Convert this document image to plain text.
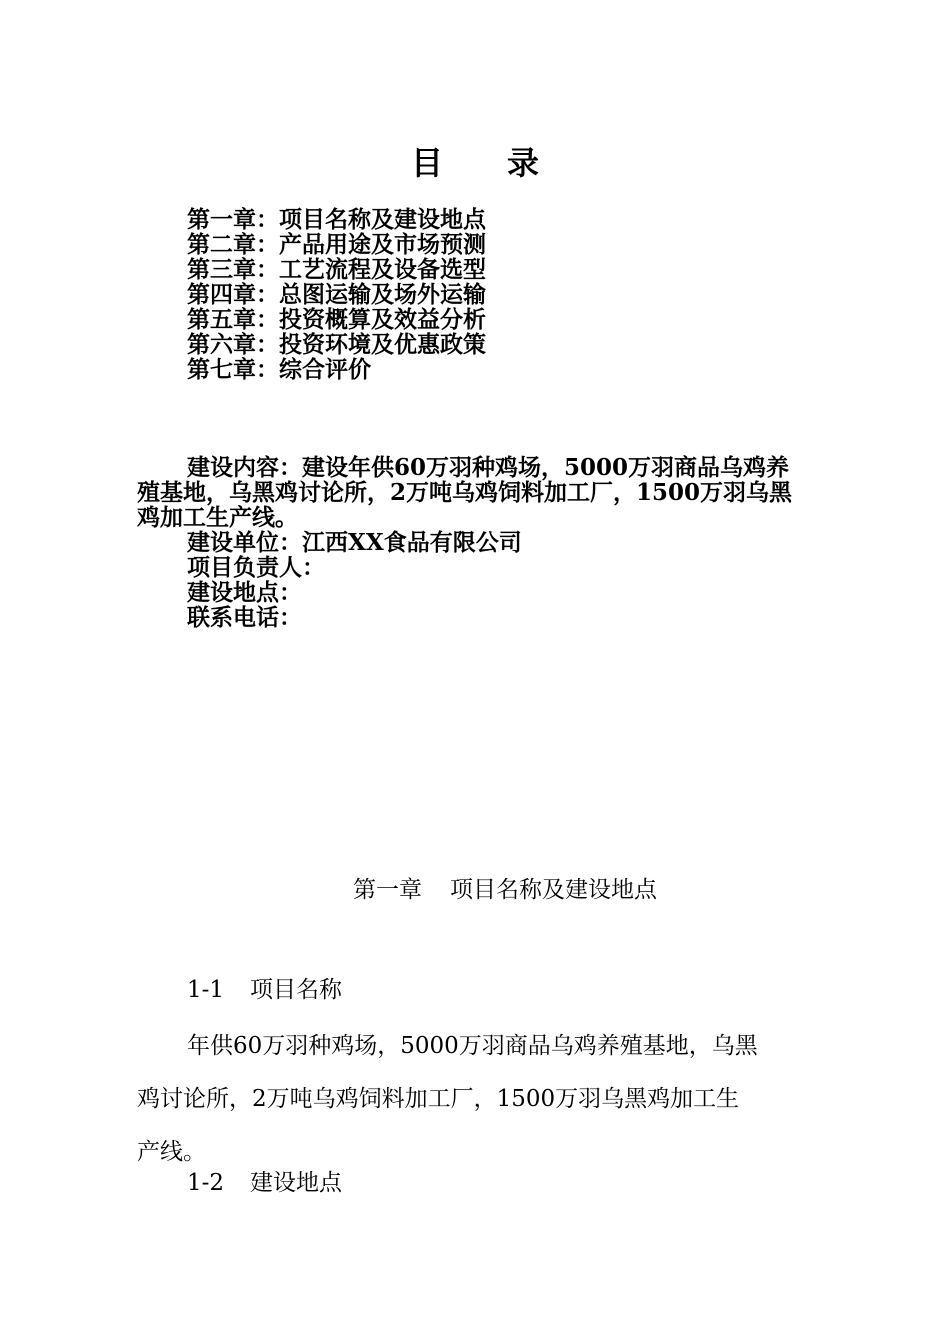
目 录
第一章：项目名称及建设地点
第二章：产品用途及市场预测
第三章：工艺流程及设备选型
第四章：总图运输及场外运输
第五章：投资概算及效益分析
第六章：投资环境及优惠政策
第七章：综合评价
建设内容：建设年供60万羽种鸡场，5000万羽商品乌鸡养
殖基地，乌黑鸡讨论所，2万吨乌鸡饲料加工厂，1500万羽乌黑
鸡加工生产线。
建设单位：江西XX食品有限公司
项目负责人：
建设地点：
联系电话：
第一章 项目名称及建设地点
1-1 项目名称
年供60万羽种鸡场，5000万羽商品乌鸡养殖基地，乌黑
鸡讨论所，2万吨乌鸡饲料加工厂，1500万羽乌黑鸡加工生
产线。
1-2 建设地点
